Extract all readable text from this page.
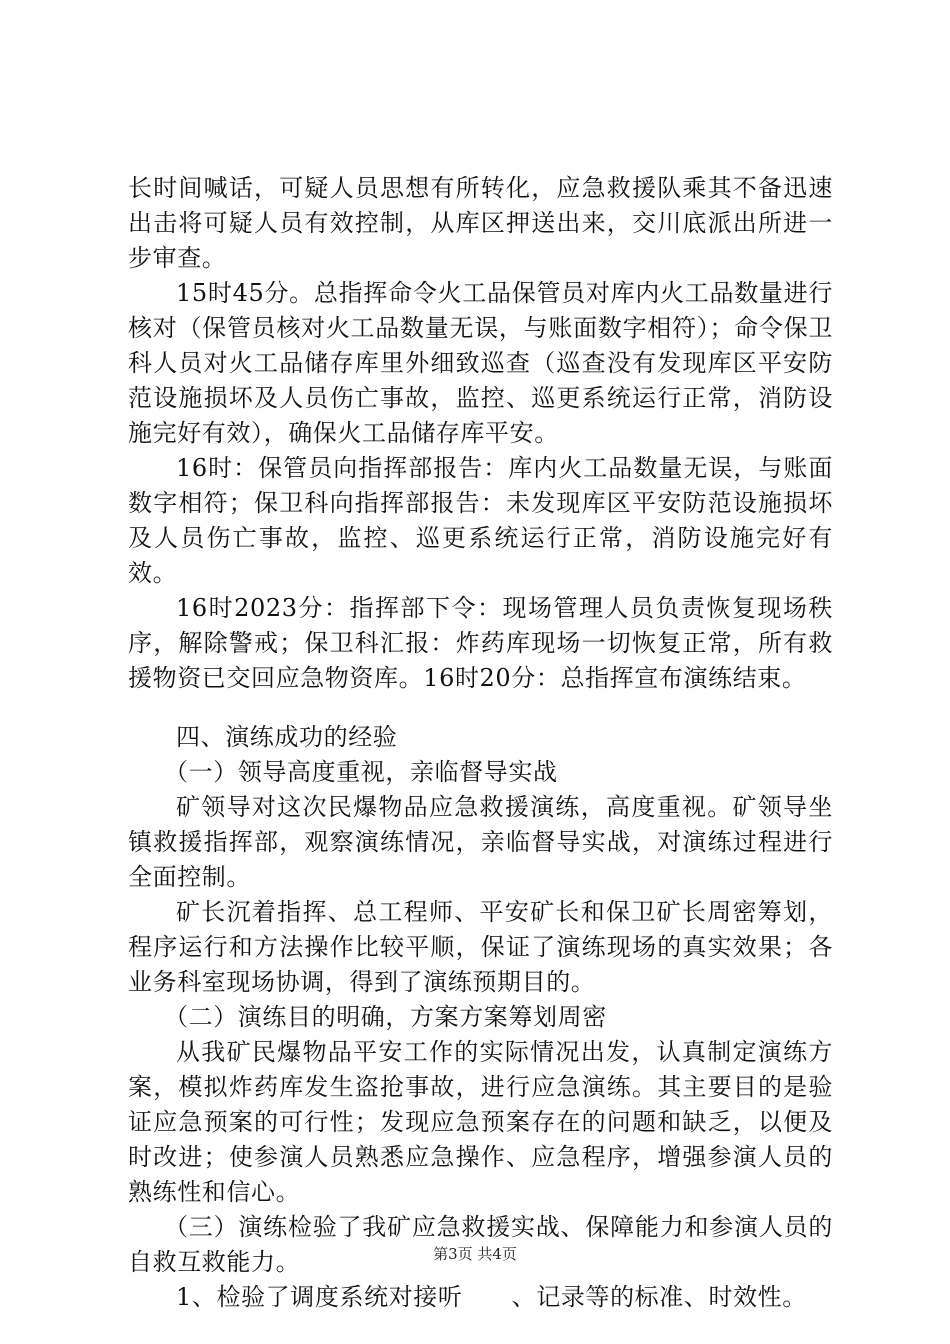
长时间喊话，可疑人员思想有所转化，应急救援队乘其不备迅速出击将可疑人员有效控制，从库区押送出来，交川底派出所进一步审查。

15时45分。总指挥命令火工品保管员对库内火工品数量进行核对（保管员核对火工品数量无误，与账面数字相符）；命令保卫科人员对火工品储存库里外细致巡查（巡查没有发现库区平安防范设施损坏及人员伤亡事故，监控、巡更系统运行正常，消防设施完好有效），确保火工品储存库平安。

16时：保管员向指挥部报告：库内火工品数量无误，与账面数字相符；保卫科向指挥部报告：未发现库区平安防范设施损坏及人员伤亡事故，监控、巡更系统运行正常，消防设施完好有效。

16时2023分：指挥部下令：现场管理人员负责恢复现场秩序，解除警戒；保卫科汇报：炸药库现场一切恢复正常，所有救援物资已交回应急物资库。16时20分：总指挥宣布演练结束。

四、演练成功的经验

（一）领导高度重视，亲临督导实战

矿领导对这次民爆物品应急救援演练，高度重视。矿领导坐镇救援指挥部，观察演练情况，亲临督导实战，对演练过程进行全面控制。

矿长沉着指挥、总工程师、平安矿长和保卫矿长周密筹划，程序运行和方法操作比较平顺，保证了演练现场的真实效果；各业务科室现场协调，得到了演练预期目的。

（二）演练目的明确，方案方案筹划周密

从我矿民爆物品平安工作的实际情况出发，认真制定演练方案，模拟炸药库发生盗抢事故，进行应急演练。其主要目的是验证应急预案的可行性；发现应急预案存在的问题和缺乏，以便及时改进；使参演人员熟悉应急操作、应急程序，增强参演人员的熟练性和信心。

（三）演练检验了我矿应急救援实战、保障能力和参演人员的自救互救能力。

1、检验了调度系统对接听　　、记录等的标准、时效性。

第3页 共4页
